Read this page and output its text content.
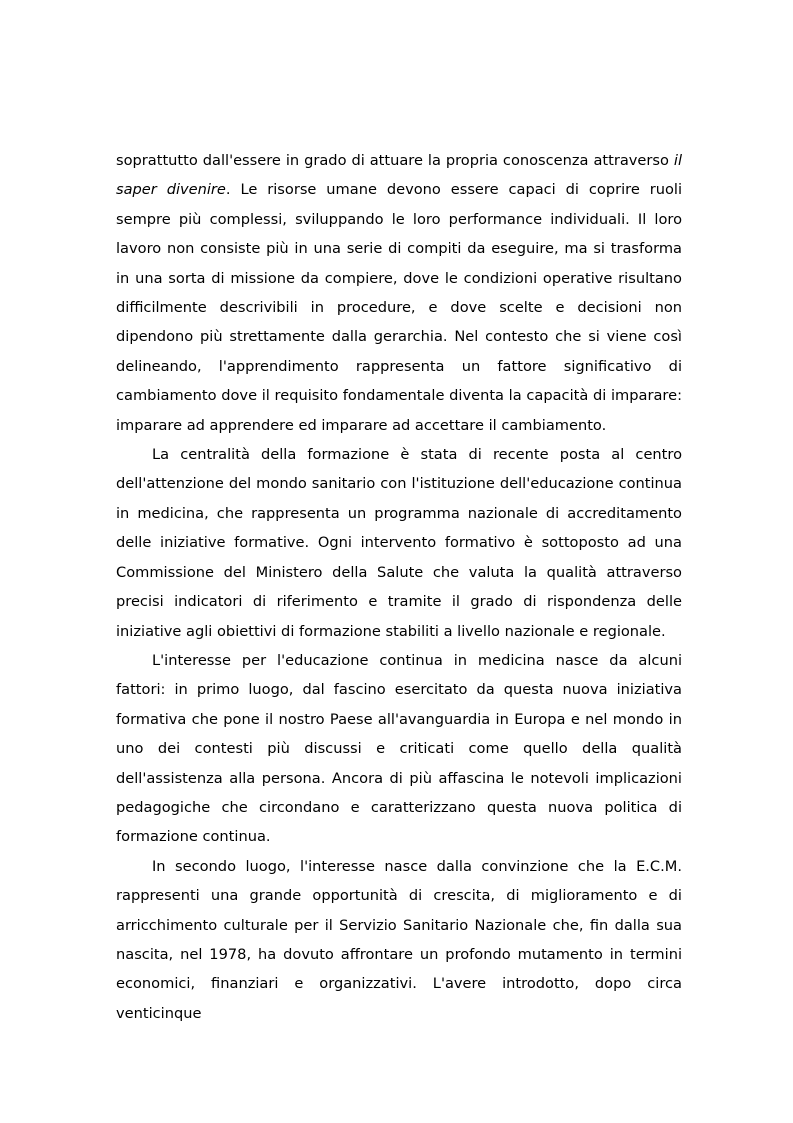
soprattutto dall'essere in grado di attuare la propria conoscenza attraverso il saper divenire. Le risorse umane devono essere capaci di coprire ruoli sempre più complessi, sviluppando le loro performance individuali. Il loro lavoro non consiste più in una serie di compiti da eseguire, ma si trasforma in una sorta di missione da compiere, dove le condizioni operative risultano difficilmente descrivibili in procedure, e dove scelte e decisioni non dipendono più strettamente dalla gerarchia. Nel contesto che si viene così delineando, l'apprendimento rappresenta un fattore significativo di cambiamento dove il requisito fondamentale diventa la capacità di imparare: imparare ad apprendere ed imparare ad accettare il cambiamento.

La centralità della formazione è stata di recente posta al centro dell'attenzione del mondo sanitario con l'istituzione dell'educazione continua in medicina, che rappresenta un programma nazionale di accreditamento delle iniziative formative. Ogni intervento formativo è sottoposto ad una Commissione del Ministero della Salute che valuta la qualità attraverso precisi indicatori di riferimento e tramite il grado di rispondenza delle iniziative agli obiettivi di formazione stabiliti a livello nazionale e regionale.

L'interesse per l'educazione continua in medicina nasce da alcuni fattori: in primo luogo, dal fascino esercitato da questa nuova iniziativa formativa che pone il nostro Paese all'avanguardia in Europa e nel mondo in uno dei contesti più discussi e criticati come quello della qualità dell'assistenza alla persona. Ancora di più affascina le notevoli implicazioni pedagogiche che circondano e caratterizzano questa nuova politica di formazione continua.

In secondo luogo, l'interesse nasce dalla convinzione che la E.C.M. rappresenti una grande opportunità di crescita, di miglioramento e di arricchimento culturale per il Servizio Sanitario Nazionale che, fin dalla sua nascita, nel 1978, ha dovuto affrontare un profondo mutamento in termini economici, finanziari e organizzativi. L'avere introdotto, dopo circa venticinque
